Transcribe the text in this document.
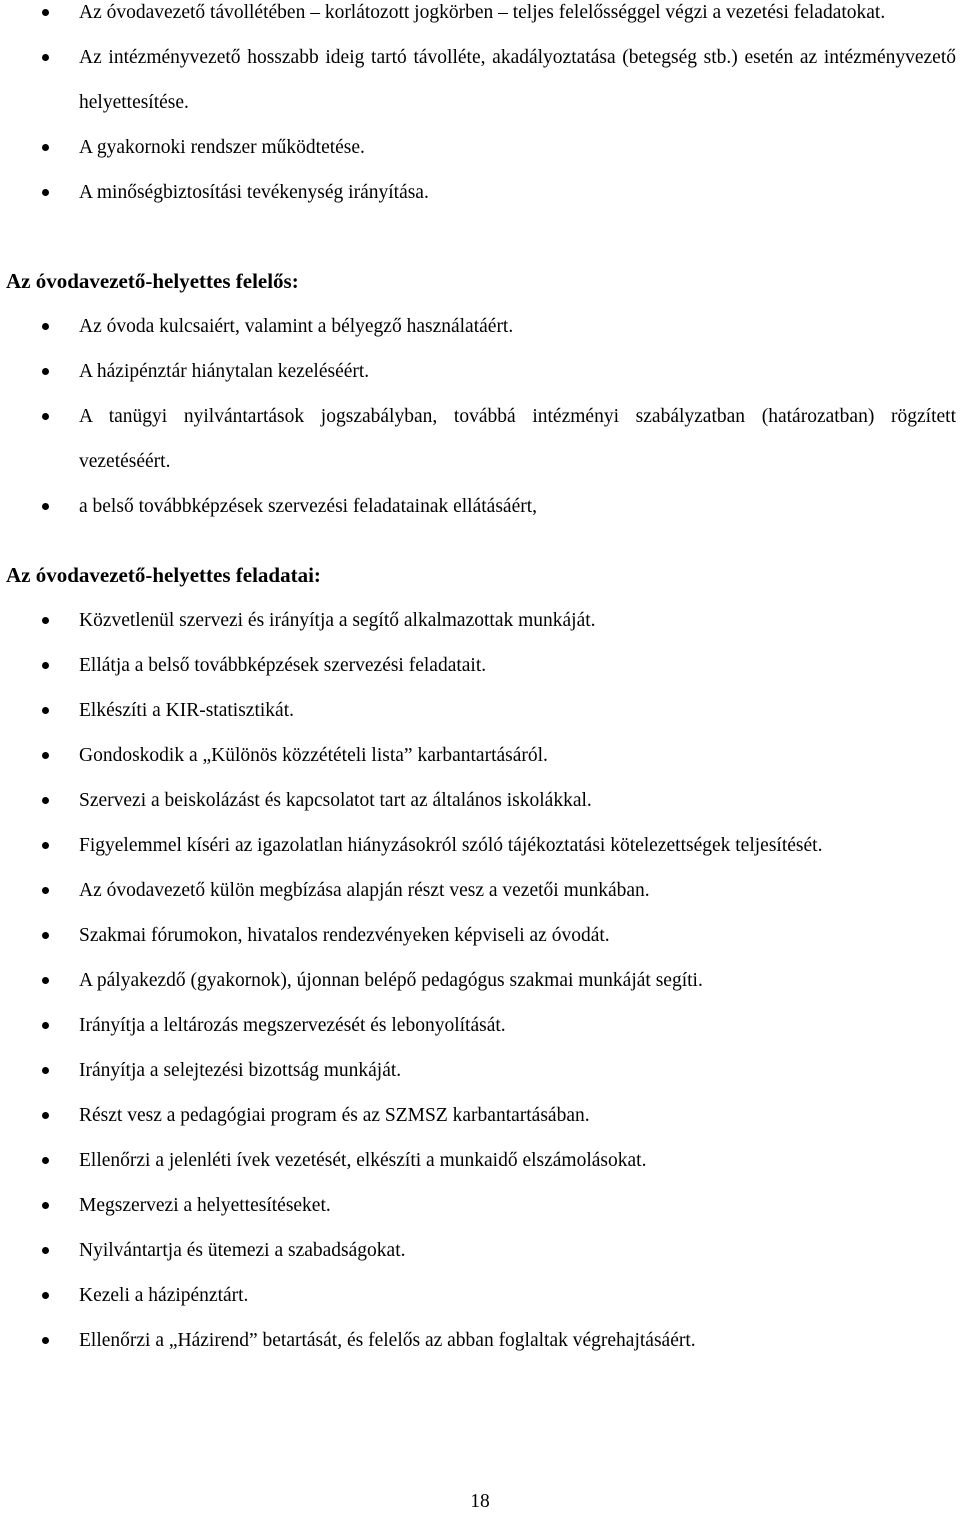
Az óvodavezető távollétében – korlátozott jogkörben – teljes felelősséggel végzi a vezetési feladatokat.
Az intézményvezető hosszabb ideig tartó távolléte, akadályoztatása (betegség stb.) esetén az intézményvezető helyettesítése.
A gyakornoki rendszer működtetése.
A minőségbiztosítási tevékenység irányítása.
Az óvodavezető-helyettes felelős:
Az óvoda kulcsaiért, valamint a bélyegző használatáért.
A házipénztár hiánytalan kezeléséért.
A tanügyi nyilvántartások jogszabályban, továbbá intézményi szabályzatban (határozatban) rögzített vezetéséért.
a belső továbbképzések szervezési feladatainak ellátásáért,
Az óvodavezető-helyettes feladatai:
Közvetlenül szervezi és irányítja a segítő alkalmazottak munkáját.
Ellátja a belső továbbképzések szervezési feladatait.
Elkészíti a KIR-statisztikát.
Gondoskodik a „Különös közzétételi lista” karbantartásáról.
Szervezi a beiskolázást és kapcsolatot tart az általános iskolákkal.
Figyelemmel kíséri az igazolatlan hiányzásokról szóló tájékoztatási kötelezettségek teljesítését.
Az óvodavezető külön megbízása alapján részt vesz a vezetői munkában.
Szakmai fórumokon, hivatalos rendezvényeken képviseli az óvodát.
A pályakezdő (gyakornok), újonnan belépő pedagógus szakmai munkáját segíti.
Irányítja a leltározás megszervezését és lebonyolítását.
Irányítja a selejtezési bizottság munkáját.
Részt vesz a pedagógiai program és az SZMSZ karbantartásában.
Ellenőrzi a jelenléti ívek vezetését, elkészíti a munkaidő elszámolásokat.
Megszervezi a helyettesítéseket.
Nyilvántartja és ütemezi a szabadságokat.
Kezeli a házipénztárt.
Ellenőrzi a „Házirend” betartását, és felelős az abban foglaltak végrehajtásáért.
18
